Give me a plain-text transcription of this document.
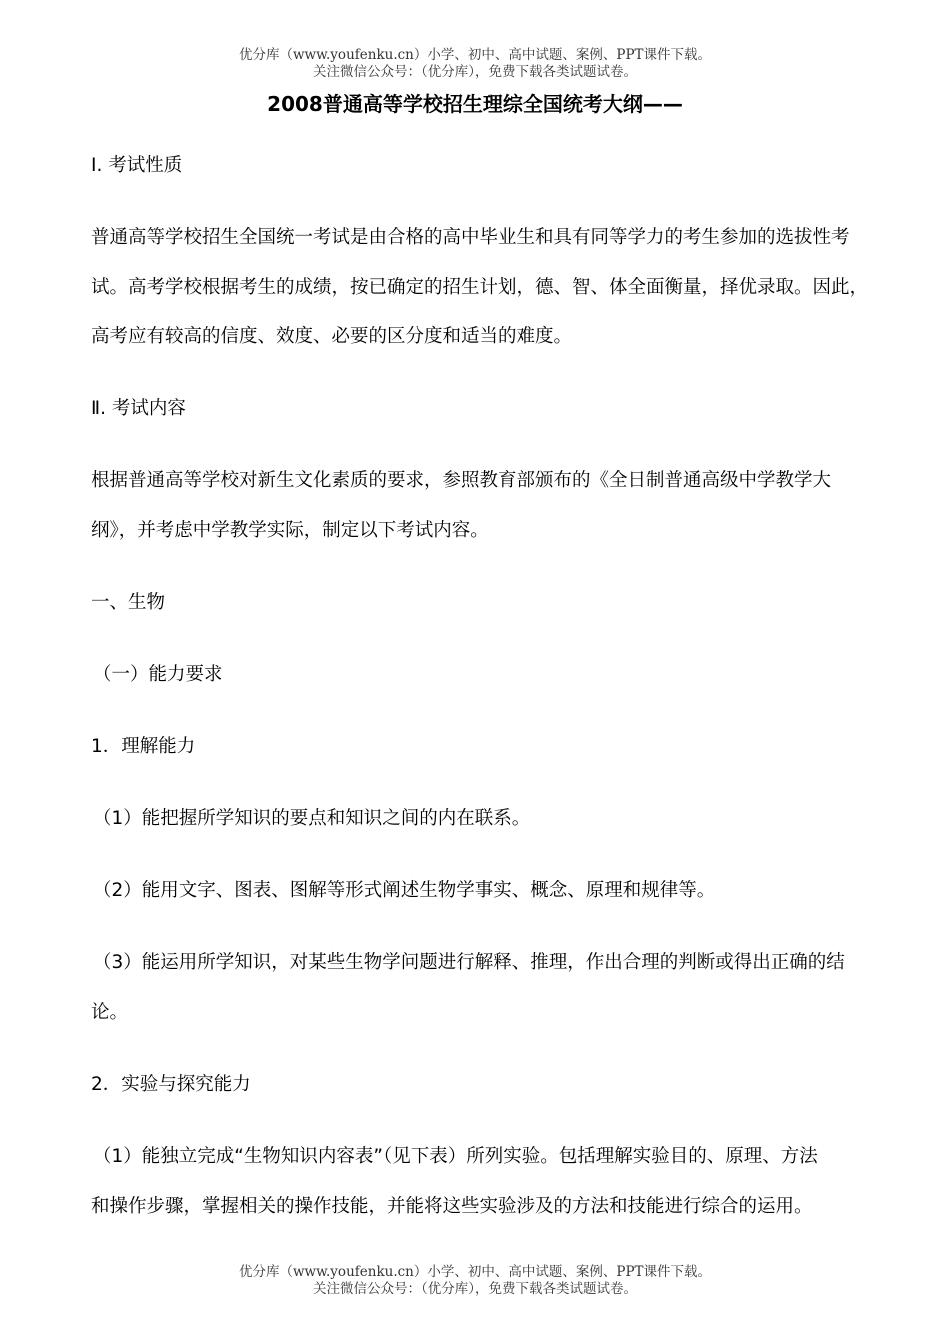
优分库（www.youfenku.cn）小学、初中、高中试题、案例、PPT课件下载。
关注微信公众号：（优分库），免费下载各类试题试卷。
2008普通高等学校招生理综全国统考大纲——
Ⅰ. 考试性质
普通高等学校招生全国统一考试是由合格的高中毕业生和具有同等学力的考生参加的选拔性考
试。高考学校根据考生的成绩，按已确定的招生计划，德、智、体全面衡量，择优录取。因此，
高考应有较高的信度、效度、必要的区分度和适当的难度。
Ⅱ. 考试内容
根据普通高等学校对新生文化素质的要求，参照教育部颁布的《全日制普通高级中学教学大
纲》，并考虑中学教学实际，制定以下考试内容。
一、生物
（一）能力要求
1．理解能力
（1）能把握所学知识的要点和知识之间的内在联系。
（2）能用文字、图表、图解等形式阐述生物学事实、概念、原理和规律等。
（3）能运用所学知识，对某些生物学问题进行解释、推理，作出合理的判断或得出正确的结
论。
2．实验与探究能力
（1）能独立完成“生物知识内容表”（见下表）所列实验。包括理解实验目的、原理、方法
和操作步骤，掌握相关的操作技能，并能将这些实验涉及的方法和技能进行综合的运用。
优分库（www.youfenku.cn）小学、初中、高中试题、案例、PPT课件下载。
关注微信公众号：（优分库），免费下载各类试题试卷。
